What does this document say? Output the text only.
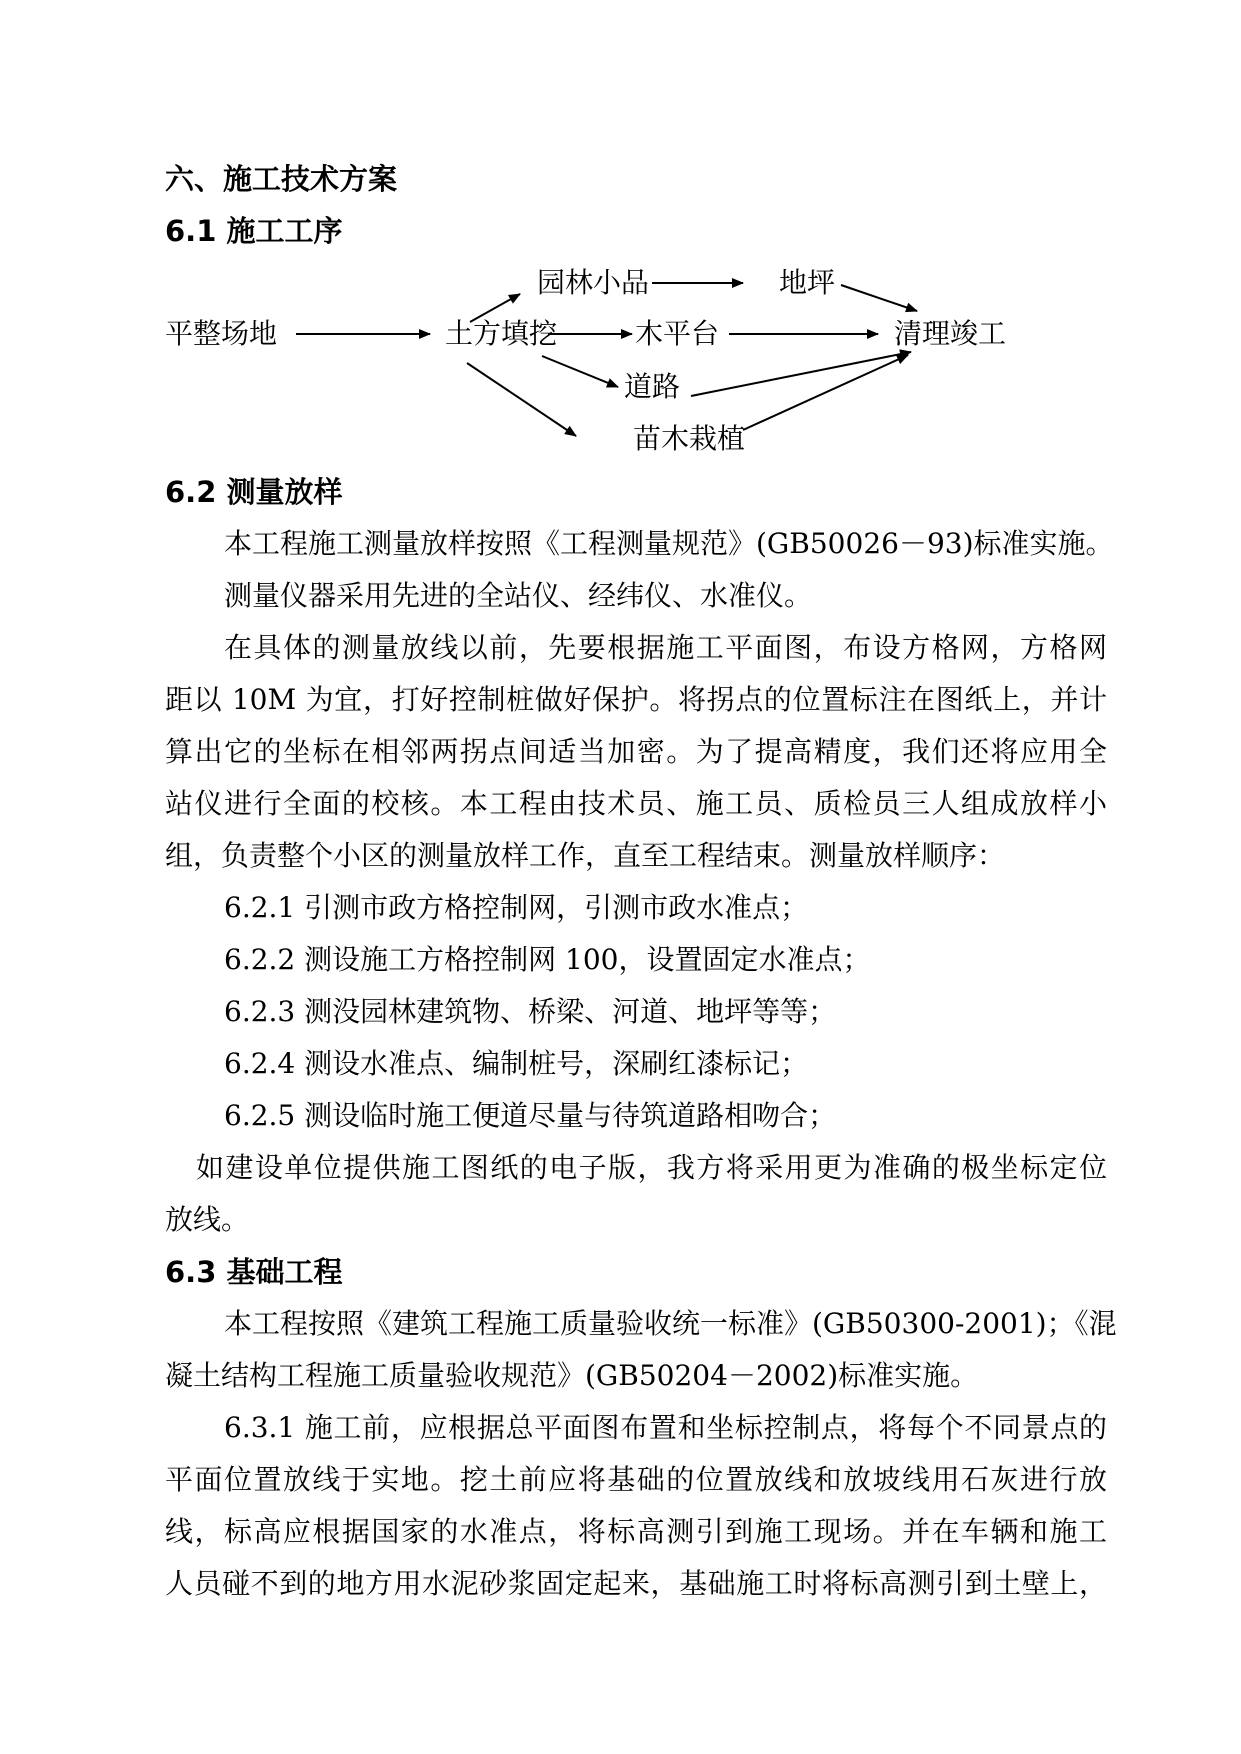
六、施工技术方案
6.1 施工工序
园林小品	地坪
平整场地	土方填挖	木平台	清理竣工
道路
苗木栽植
6.2 测量放样
本工程施工测量放样按照《工程测量规范》(GB50026－93)标准实施。
测量仪器采用先进的全站仪、经纬仪、水准仪。
在具体的测量放线以前，先要根据施工平面图，布设方格网，方格网
距以 10M 为宜，打好控制桩做好保护。将拐点的位置标注在图纸上，并计
算出它的坐标在相邻两拐点间适当加密。为了提高精度，我们还将应用全
站仪进行全面的校核。本工程由技术员、施工员、质检员三人组成放样小
组，负责整个小区的测量放样工作，直至工程结束。测量放样顺序：
6.2.1 引测市政方格控制网，引测市政水准点；
6.2.2 测设施工方格控制网 100，设置固定水准点；
6.2.3 测没园林建筑物、桥梁、河道、地坪等等；
6.2.4 测设水准点、编制桩号，深刷红漆标记；
6.2.5 测设临时施工便道尽量与待筑道路相吻合；
如建设单位提供施工图纸的电子版，我方将采用更为准确的极坐标定位
放线。
6.3 基础工程
本工程按照《建筑工程施工质量验收统一标准》(GB50300-2001)；《混
凝土结构工程施工质量验收规范》(GB50204－2002)标准实施。
6.3.1 施工前，应根据总平面图布置和坐标控制点，将每个不同景点的
平面位置放线于实地。挖土前应将基础的位置放线和放坡线用石灰进行放
线，标高应根据国家的水准点，将标高测引到施工现场。并在车辆和施工
人员碰不到的地方用水泥砂浆固定起来，基础施工时将标高测引到土壁上，
